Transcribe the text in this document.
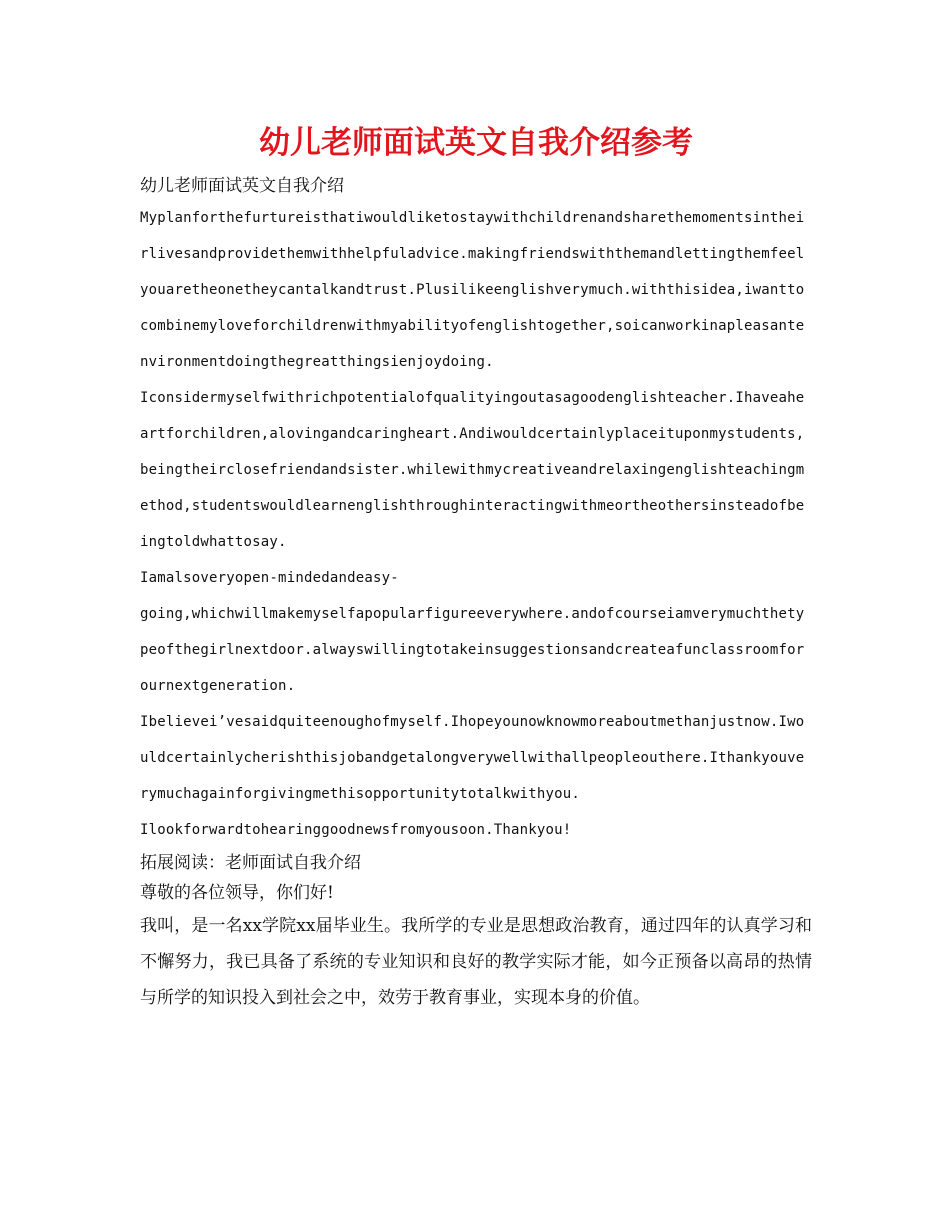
幼儿老师面试英文自我介绍参考

幼儿老师面试英文自我介绍

Myplanforthefurtureisthatiwouldliketostaywithchildrenandsharethemomentsintheirlivesandprovidethemwithhelpfuladvice.makingfriendswiththemandlettingthemfeelyouaretheonetheycantalkandtrust.Plusilikeenglishverymuch.withthisidea,iwanttocombinemyloveforchildrenwithmyabilityofenglishtogether,soicanworkinapleasantenvironmentdoingthegreatthingsienjoydoing.

Iconsidermyselfwithrichpotentialofqualityingoutasagoodenglishteacher.Ihaveaheartforchildren,alovingandcaringheart.Andiwouldcertainlyplaceituponmystudents,beingtheirclosefriendandsister.whilewithmycreativeandrelaxingenglishteachingmethod,studentswouldlearnenglishthroughinteractingwithmeortheothersinsteadofbeingtoldwhattosay.

Iamalsoveryopen-mindedandeasy-

going,whichwillmakemyselfapopularfigureeverywhere.andofcourseiamverymuchthetypeofthegirlnextdoor.alwayswillingtotakeinsuggestionsandcreateafunclassroomforournextgeneration.

Ibelievei’vesaidquiteenoughofmyself.Ihopeyounowknowmoreaboutmethanjustnow.Iwouldcertainlycherishthisjobandgetalongverywellwithallpeopleouthere.Ithankyouverymuchagainforgivingmethisopportunitytotalkwithyou.

Ilookforwardtohearinggoodnewsfromyousoon.Thankyou!

拓展阅读：老师面试自我介绍

尊敬的各位领导，你们好!

我叫，是一名xx学院xx届毕业生。我所学的专业是思想政治教育，通过四年的认真学习和不懈努力，我已具备了系统的专业知识和良好的教学实际才能，如今正预备以高昂的热情与所学的知识投入到社会之中，效劳于教育事业，实现本身的价值。
